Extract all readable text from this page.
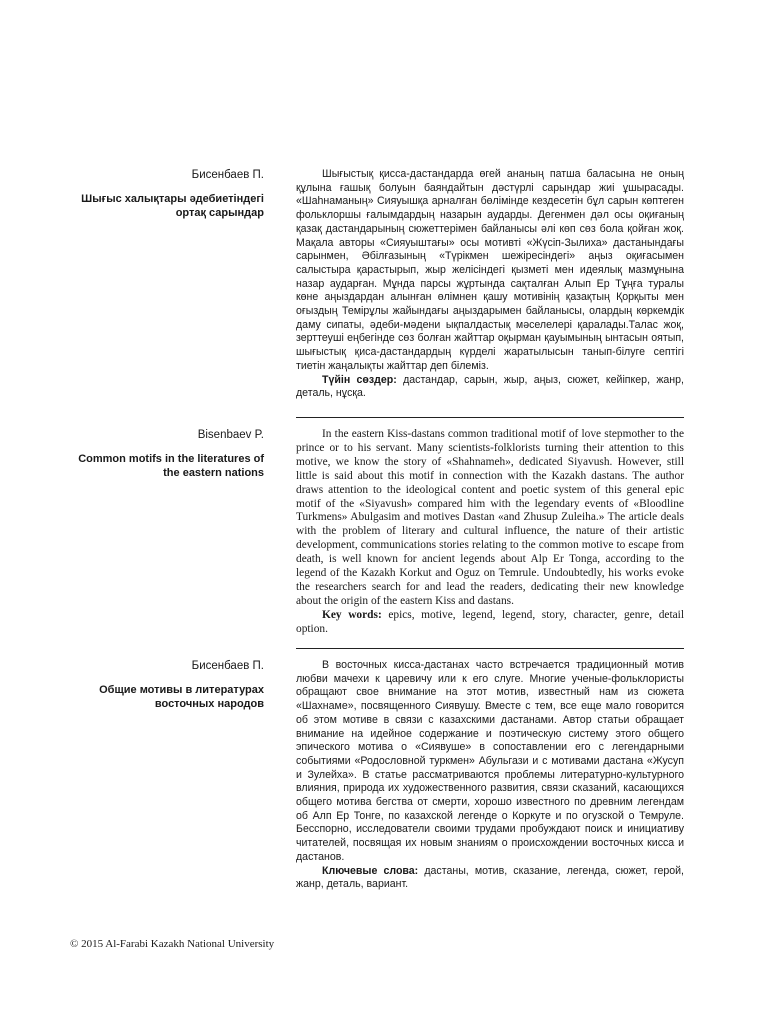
Бисенбаев П.

Шығыс халықтары әдебиетіндегі ортақ сарындар

Шығыстық қисса-дастандарда өгей ананың патша баласына не оның құлына ғашық болуын баяндайтын дәстүрлі сарындар жиі ұшырасады. «Шаһнаманың» Сияуышқа арналған бөлімінде кездесетін бұл сарын көптеген фольклоршы ғалымдардың назарын аударды. Дегенмен дәл осы оқиғаның қазақ дастандарының сюжеттерімен байланысы әлі көп сөз бола қойған жоқ. Мақала авторы «Сияуыштағы» осы мотивті «Жүсіп-Зылиха» дастанындағы сарынмен, Әбілғазының «Түрікмен шежіресіндегі» аңыз оқиғасымен салыстыра қарастырып, жыр желісіндегі қызметі мен идеялық мазмұнына назар аударған. Мұнда парсы жұртында сақталған Алып Ер Тұңға туралы көне аңыздардан алынған өлімнен қашу мотивінің қазақтың Қорқыты мен оғыздың Темірұлы жайындағы аңыздарымен байланысы, олардың көркемдік даму сипаты, әдеби-мәдени ықпалдастық мәселелері қаралады.Талас жоқ, зерттеуші еңбегінде сөз болған жайттар оқырман қауымының ынтасын оятып, шығыстық қиса-дастандардың күрделі жаратылысын танып-білуге септігі тиетін жаңалықты жайттар деп білеміз.

Түйін сөздер: дастандар, сарын, жыр, аңыз, сюжет, кейіпкер, жанр, деталь, нұсқа.

Bisenbaev P.

Common motifs in the literatures of the eastern nations

In the eastern Kiss-dastans common traditional motif of love stepmother to the prince or to his servant. Many scientists-folklorists turning their attention to this motive, we know the story of «Shahnameh», dedicated Siyavush. However, still little is said about this motif in connection with the Kazakh dastans. The author draws attention to the ideological content and poetic system of this general epic motif of the «Siyavush» compared him with the legendary events of «Bloodline Turkmens» Abulgasim and motives Dastan «and Zhusup Zuleiha.» The article deals with the problem of literary and cultural influence, the nature of their artistic development, communications stories relating to the common motive to escape from death, is well known for ancient legends about Alp Er Tonga, according to the legend of the Kazakh Korkut and Oguz on Temrule. Undoubtedly, his works evoke the researchers search for and lead the readers, dedicating their new knowledge about the origin of the eastern Kiss and dastans.

Key words: epics, motive, legend, legend, story, character, genre, detail option.

Бисенбаев П.

Общие мотивы в литературах восточных народов

В восточных кисса-дастанах часто встречается традиционный мотив любви мачехи к царевичу или к его слуге. Многие ученые-фольклористы обращают свое внимание на этот мотив, известный нам из сюжета «Шахнаме», посвященного Сиявушу. Вместе с тем, все еще мало говорится об этом мотиве в связи с казахскими дастанами. Автор статьи обращает внимание на идейное содержание и поэтическую систему этого общего эпического мотива о «Сиявуше» в сопоставлении его с легендарными событиями «Родословной туркмен» Абульгази и с мотивами дастана «Жусуп и Зулейха». В статье рассматриваются проблемы литературно-культурного влияния, природа их художественного развития, связи сказаний, касающихся общего мотива бегства от смерти, хорошо известного по древним легендам об Алп Ер Тонге, по казахской легенде о Коркуте и по огузской о Темруле. Бесспорно, исследователи своими трудами пробуждают поиск и инициативу читателей, посвящая их новым знаниям о происхождении восточных кисса и дастанов.

Ключевые слова: дастаны, мотив, сказание, легенда, сюжет, герой, жанр, деталь, вариант.

© 2015 Al-Farabi Kazakh National University
